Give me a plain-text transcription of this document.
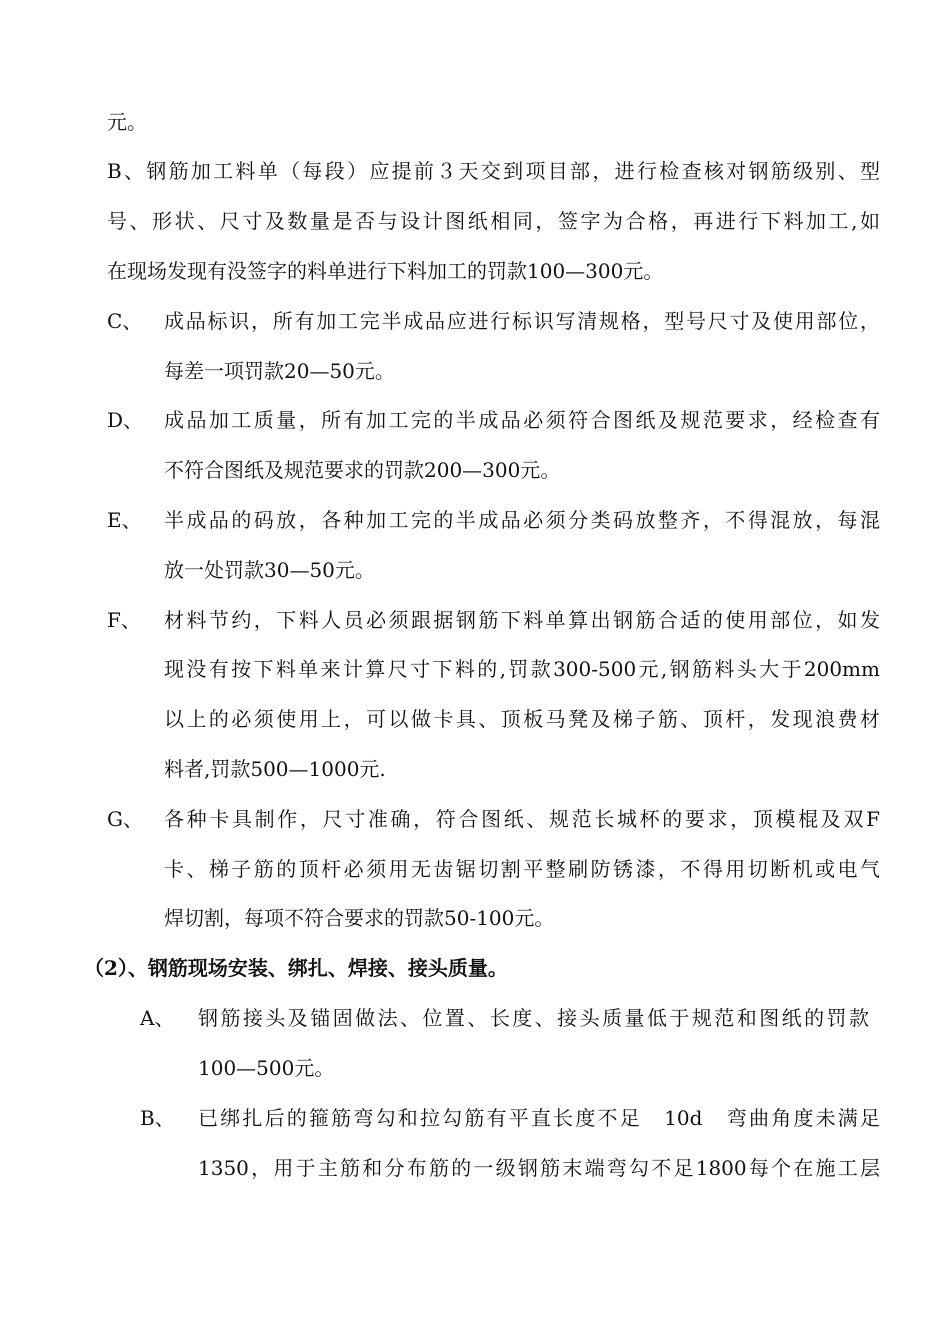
元。
B、钢筋加工料单（每段）应提前３天交到项目部，进行检查核对钢筋级别、型
号、形状、尺寸及数量是否与设计图纸相同，签字为合格，再进行下料加工,如
在现场发现有没签字的料单进行下料加工的罚款100—300元。
C、 成品标识，所有加工完半成品应进行标识写清规格，型号尺寸及使用部位，
每差一项罚款20—50元。
D、 成品加工质量，所有加工完的半成品必须符合图纸及规范要求，经检查有
不符合图纸及规范要求的罚款200—300元。
E、 半成品的码放，各种加工完的半成品必须分类码放整齐，不得混放，每混
放一处罚款30—50元。
F、 材料节约，下料人员必须跟据钢筋下料单算出钢筋合适的使用部位，如发
现没有按下料单来计算尺寸下料的,罚款300-500元,钢筋料头大于200mm
以上的必须使用上，可以做卡具、顶板马凳及梯子筋、顶杆，发现浪费材
料者,罚款500—1000元.
G、 各种卡具制作，尺寸准确，符合图纸、规范长城杯的要求，顶模棍及双F
卡、梯子筋的顶杆必须用无齿锯切割平整刷防锈漆，不得用切断机或电气
焊切割，每项不符合要求的罚款50-100元。
（2）、钢筋现场安装、绑扎、焊接、接头质量。
A、 钢筋接头及锚固做法、位置、长度、接头质量低于规范和图纸的罚款
100—500元。
B、 已绑扎后的箍筋弯勾和拉勾筋有平直长度不足　10d　弯曲角度未满足
1350，用于主筋和分布筋的一级钢筋末端弯勾不足1800每个在施工层
